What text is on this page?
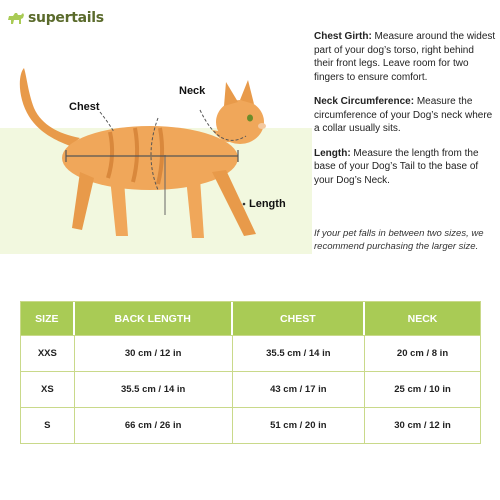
supertails
Chest
Neck
Length

Chest Girth: Measure around the widest part of your dog’s torso, right behind their front legs. Leave room for two fingers to ensure comfort.

Neck Circumference: Measure the circumference of your Dog’s neck where a collar usually sits.

Length: Measure the length from the base of your Dog’s Tail to the base of your Dog’s Neck.

If your pet falls in between two sizes, we recommend purchasing the larger size.
SIZE	BACK LENGTH	CHEST	NECK
XXS	30 cm / 12 in	35.5 cm / 14 in	20 cm / 8 in
XS	35.5 cm / 14 in	43 cm / 17 in	25 cm / 10 in
S	66 cm / 26 in	51 cm / 20 in	30 cm / 12 in
